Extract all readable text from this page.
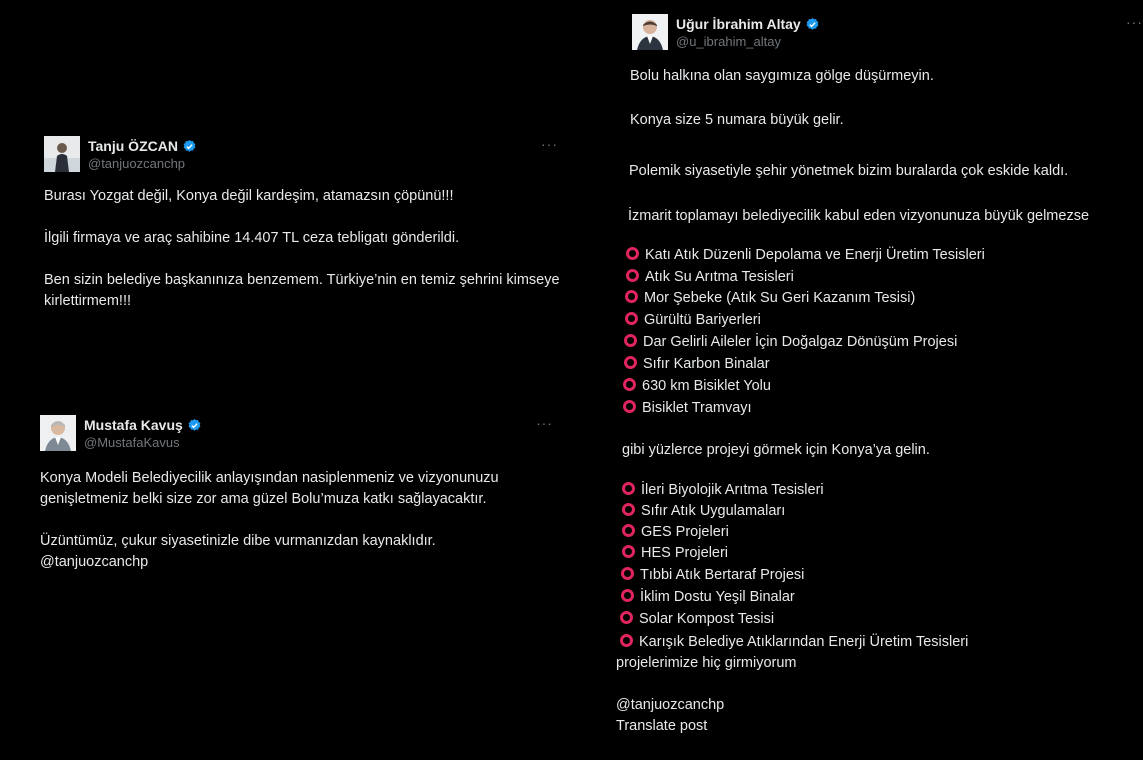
Tanju ÖZCAN
@tanjuozcanchp
···

Burası Yozgat değil, Konya değil kardeşim, atamazsın çöpünü!!!

İlgili firmaya ve araç sahibine 14.407 TL ceza tebligatı gönderildi.

Ben sizin belediye başkanınıza benzemem. Türkiye’nin en temiz şehrini kimseye kirlettirmem!!!

Mustafa Kavuş
@MustafaKavus
···

Konya Modeli Belediyecilik anlayışından nasiplenmeniz ve vizyonunuzu genişletmeniz belki size zor ama güzel Bolu’muza katkı sağlayacaktır.

Üzüntümüz, çukur siyasetinizle dibe vurmanızdan kaynaklıdır.

@tanjuozcanchp

Uğur İbrahim Altay
@u_ibrahim_altay
···
Bolu halkına olan saygımıza gölge düşürmeyin.
Konya size 5 numara büyük gelir.
Polemik siyasetiyle şehir yönetmek bizim buralarda çok eskide kaldı.
İzmarit toplamayı belediyecilik kabul eden vizyonunuza büyük gelmezse
Katı Atık Düzenli Depolama ve Enerji Üretim Tesisleri
Atık Su Arıtma Tesisleri
Mor Şebeke (Atık Su Geri Kazanım Tesisi)
Gürültü Bariyerleri
Dar Gelirli Aileler İçin Doğalgaz Dönüşüm Projesi
Sıfır Karbon Binalar
630 km Bisiklet Yolu
Bisiklet Tramvayı
gibi yüzlerce projeyi görmek için Konya’ya gelin.
İleri Biyolojik Arıtma Tesisleri
Sıfır Atık Uygulamaları
GES Projeleri
HES Projeleri
Tıbbi Atık Bertaraf Projesi
İklim Dostu Yeşil Binalar
Solar Kompost Tesisi
Karışık Belediye Atıklarından Enerji Üretim Tesisleri
projelerimize hiç girmiyorum
@tanjuozcanchp
Translate post
